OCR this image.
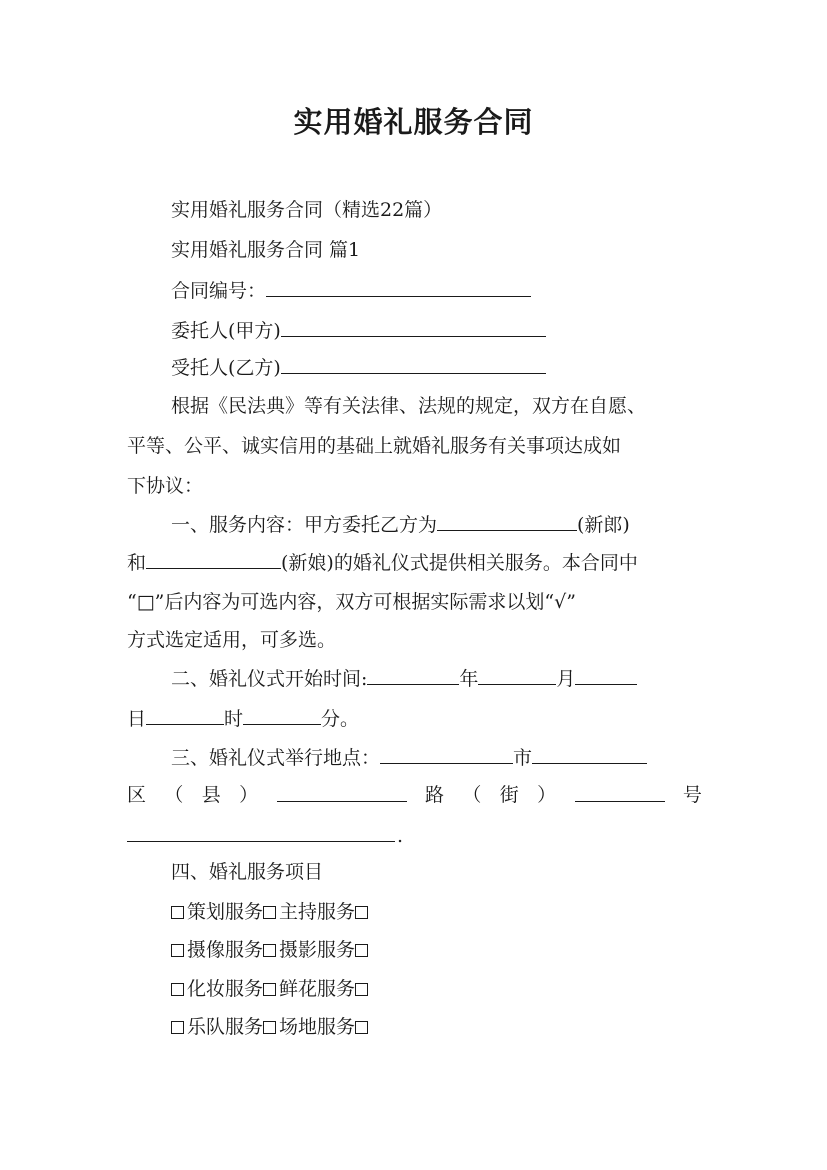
实用婚礼服务合同
实用婚礼服务合同（精选22篇）
实用婚礼服务合同 篇1
合同编号：
委托人(甲方)
受托人(乙方)
根据《民法典》等有关法律、法规的规定，双方在自愿、
平等、公平、诚实信用的基础上就婚礼服务有关事项达成如
下协议：
一、服务内容：甲方委托乙方为	(新郎)
和	(新娘)的婚礼仪式提供相关服务。本合同中
“□”后内容为可选内容，双方可根据实际需求以划“√”
方式选定适用，可多选。
二、婚礼仪式开始时间:	年	月
日	时	分。
三、婚礼仪式举行地点：	市
区 （ 县 ）	路 （ 街 ）	号
.
四、婚礼服务项目
策划服务 主持服务
摄像服务 摄影服务
化妆服务 鲜花服务
乐队服务 场地服务
